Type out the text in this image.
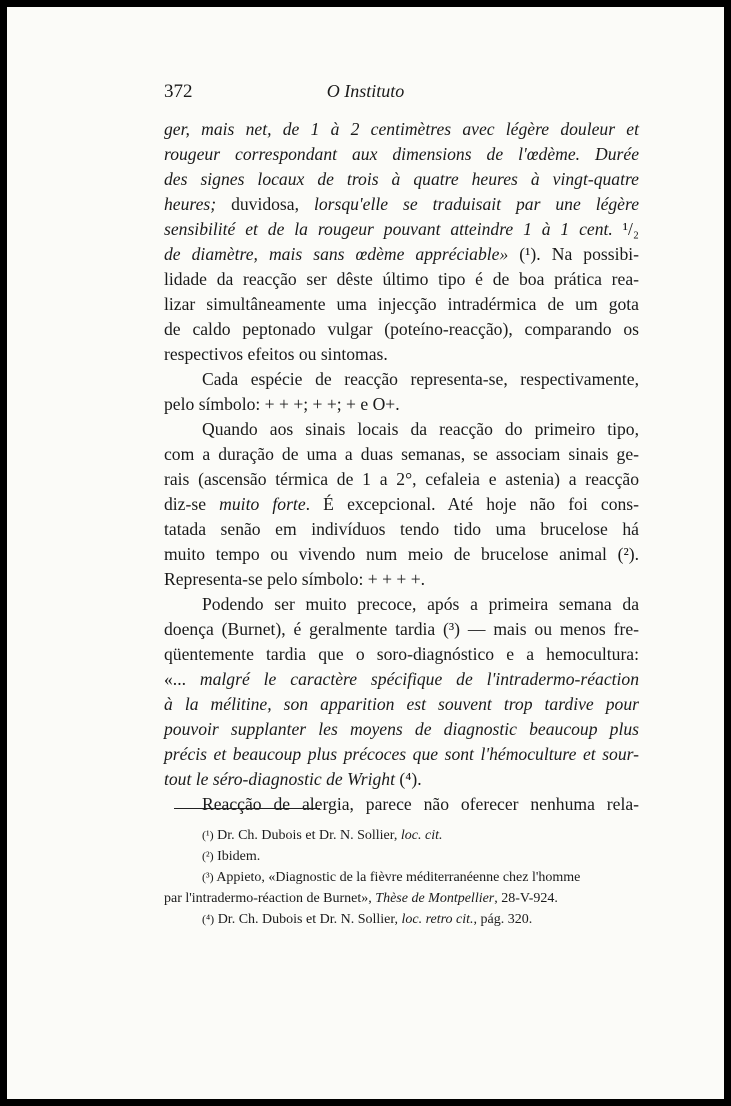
372	O Instituto
ger, mais net, de 1 à 2 centimètres avec légère douleur et
rougeur correspondant aux dimensions de l'œdème. Durée
des signes locaux de trois à quatre heures à vingt-quatre
heures; duvidosa, lorsqu'elle se traduisait par une légère
sensibilité et de la rougeur pouvant atteindre 1 à 1 cent. ¹/₂
de diamètre, mais sans œdème appréciable» (¹). Na possibi-
lidade da reacção ser dêste último tipo é de boa prática rea-
lizar simultâneamente uma injecção intradérmica de um gota
de caldo peptonado vulgar (poteíno-reacção), comparando os
respectivos efeitos ou sintomas.
Cada espécie de reacção representa-se, respectivamente,
pelo símbolo: + + +; + +; + e O+.
Quando aos sinais locais da reacção do primeiro tipo,
com a duração de uma a duas semanas, se associam sinais ge-
rais (ascensão térmica de 1 a 2°, cefaleia e astenia) a reacção
diz-se muito forte. É excepcional. Até hoje não foi cons-
tatada senão em indivíduos tendo tido uma brucelose há
muito tempo ou vivendo num meio de brucelose animal (²).
Representa-se pelo símbolo: + + + +.
Podendo ser muito precoce, após a primeira semana da
doença (Burnet), é geralmente tardia (³) — mais ou menos fre-
qüentemente tardia que o soro-diagnóstico e a hemocultura:
«... malgré le caractère spécifique de l'intradermo-réaction
à la mélitine, son apparition est souvent trop tardive pour
pouvoir supplanter les moyens de diagnostic beaucoup plus
précis et beaucoup plus précoces que sont l'hémoculture et sour-
tout le séro-diagnostic de Wright (⁴).
Reacção de alergia, parece não oferecer nenhuma rela-
(¹) Dr. Ch. Dubois et Dr. N. Sollier, loc. cit.
(²) Ibidem.
(³) Appieto, «Diagnostic de la fièvre méditerranéenne chez l'homme
par l'intradermo-réaction de Burnet», Thèse de Montpellier, 28-V-924.
(⁴) Dr. Ch. Dubois et Dr. N. Sollier, loc. retro cit., pág. 320.
